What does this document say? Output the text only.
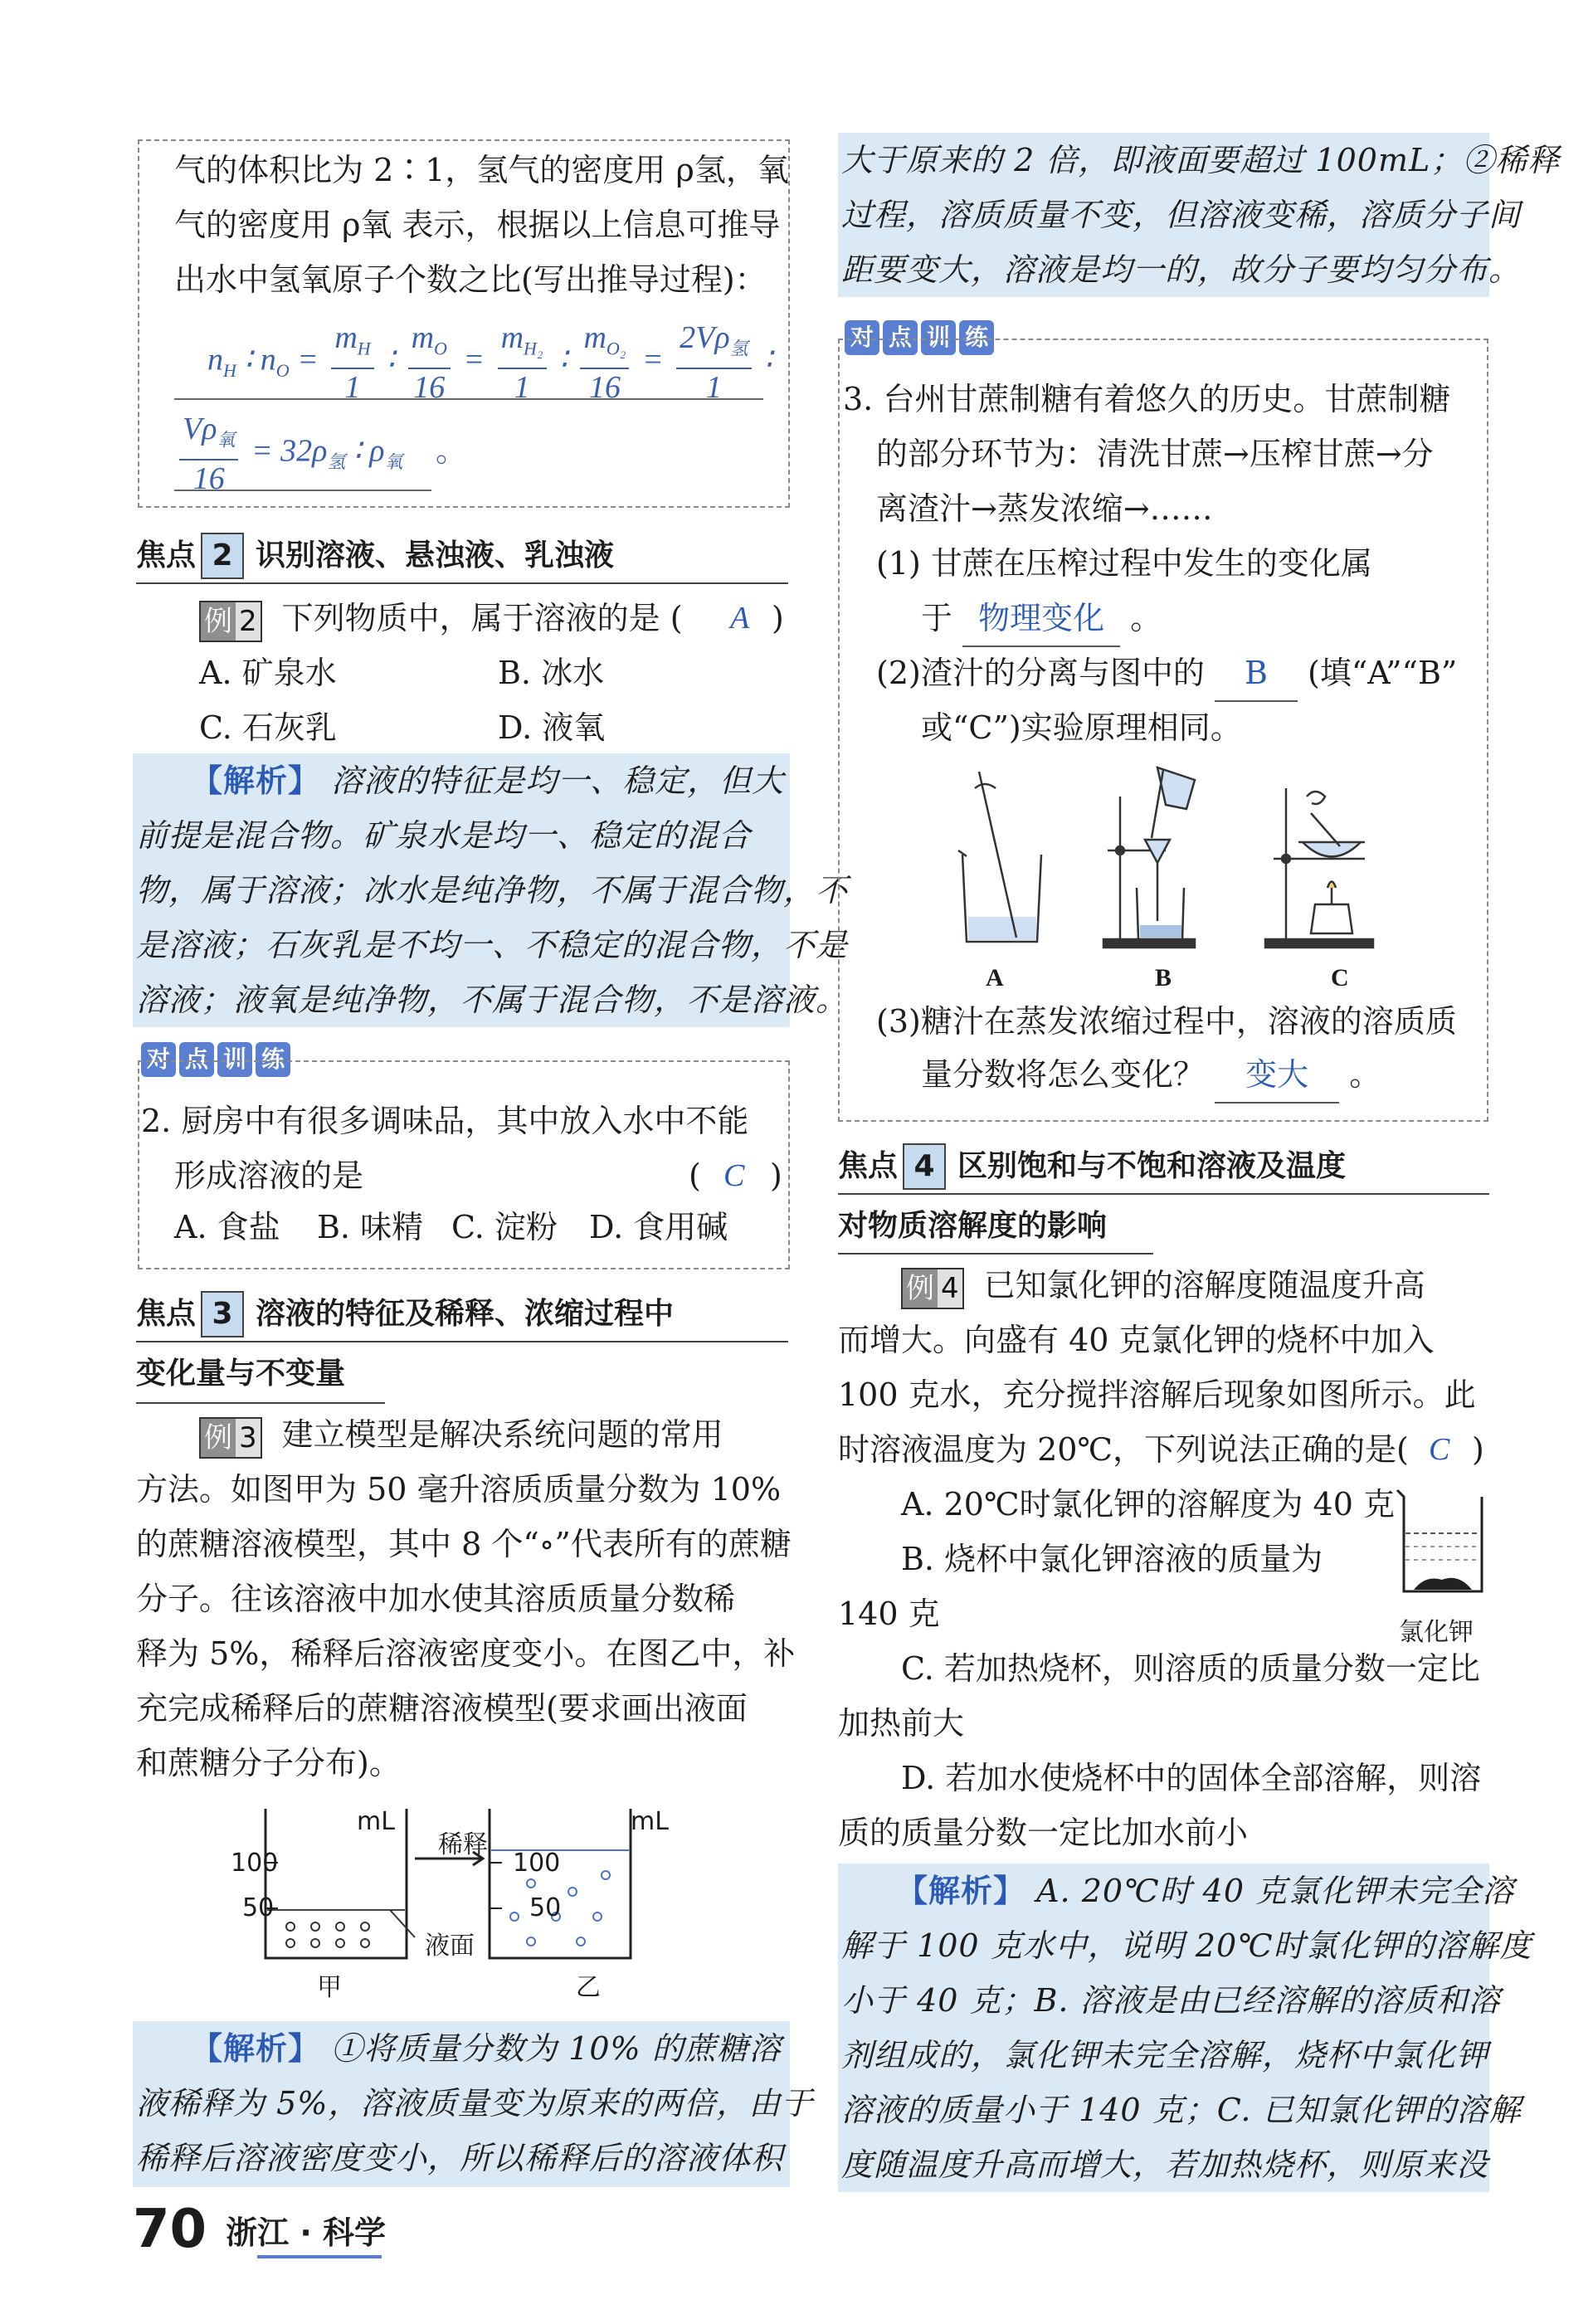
气的体积比为 2∶1，氢气的密度用 ρ氢，氧
气的密度用 ρ氧 表示，根据以上信息可推导
出水中氢氧原子个数之比(写出推导过程)：
$n_H$ ∶ $n_O = \frac{m_H}{1}$ ∶ $\frac{m_O}{16} = \frac{m_{H_2}}{1}$ ∶ $\frac{m_{O_2}}{16} = \frac{2V\rho_氢}{1}$ ∶
$\frac{V\rho_氧}{16} = 32\rho_氢$ ∶ $\rho_氧$ 。
焦点 2 识别溶液、悬浊液、乳浊液
例 2 下列物质中，属于溶液的是 ( A )
A. 矿泉水	B. 冰水
C. 石灰乳	D. 液氧
【解析】 溶液的特征是均一、稳定，但大
前提是混合物。矿泉水是均一、稳定的混合
物，属于溶液；冰水是纯净物，不属于混合物，不
是溶液；石灰乳是不均一、不稳定的混合物，不是
溶液；液氧是纯净物，不属于混合物，不是溶液。
对 点 训 练
2. 厨房中有很多调味品，其中放入水中不能
形成溶液的是	( C )
A. 食盐 B. 味精 C. 淀粉 D. 食用碱
焦点 3 溶液的特征及稀释、浓缩过程中
变化量与不变量
例 3 建立模型是解决系统问题的常用
方法。如图甲为 50 毫升溶质质量分数为 10%
的蔗糖溶液模型，其中 8 个“∘”代表所有的蔗糖
分子。往该溶液中加水使其溶质质量分数稀
释为 5%，稀释后溶液密度变小。在图乙中，补
充完成稀释后的蔗糖溶液模型(要求画出液面
和蔗糖分子分布)。
mL	mL
100
50
100
50
稀释
液面
甲	乙
【解析】 ①将质量分数为 10% 的蔗糖溶
液稀释为 5%，溶液质量变为原来的两倍，由于
稀释后溶液密度变小，所以稀释后的溶液体积
大于原来的 2 倍，即液面要超过 100mL；②稀释
过程，溶质质量不变，但溶液变稀，溶质分子间
距要变大，溶液是均一的，故分子要均匀分布。
对 点 训 练
3. 台州甘蔗制糖有着悠久的历史。甘蔗制糖
的部分环节为：清洗甘蔗→压榨甘蔗→分
离渣汁→蒸发浓缩→……
(1) 甘蔗在压榨过程中发生的变化属
于 物理变化 。
(2)渣汁的分离与图中的 B (填“A”“B”
或“C”)实验原理相同。
A	B	C
(3)糖汁在蒸发浓缩过程中，溶液的溶质质
量分数将怎么变化？ 变大 。
焦点 4 区别饱和与不饱和溶液及温度
对物质溶解度的影响
例 4 已知氯化钾的溶解度随温度升高
而增大。向盛有 40 克氯化钾的烧杯中加入
100 克水，充分搅拌溶解后现象如图所示。此
时溶液温度为 20℃，下列说法正确的是( C )
A. 20℃时氯化钾的溶解度为 40 克
B. 烧杯中氯化钾溶液的质量为
140 克
氯化钾
C. 若加热烧杯，则溶质的质量分数一定比
加热前大
D. 若加水使烧杯中的固体全部溶解，则溶
质的质量分数一定比加水前小
【解析】 A. 20℃时 40 克氯化钾未完全溶
解于 100 克水中，说明 20℃时氯化钾的溶解度
小于 40 克；B. 溶液是由已经溶解的溶质和溶
剂组成的，氯化钾未完全溶解，烧杯中氯化钾
溶液的质量小于 140 克；C. 已知氯化钾的溶解
度随温度升高而增大，若加热烧杯，则原来没
70 浙江 · 科学
